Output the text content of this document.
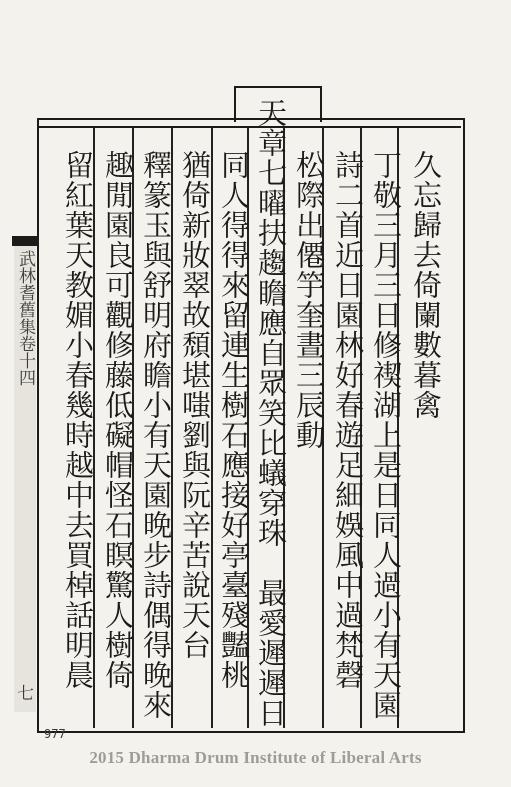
久忘歸去倚闌數暮禽
丁敬三月三日修禊湖上是日同人過小有天園
詩二首近日園林好春遊足細娛風中過梵磬
松際出僊竽奎晝三辰動
天章七曜扶趨瞻應自眾笑比蟻穿珠　最愛遲遲日
同人得得來留連生樹石應接好亭臺殘豔桃
猶倚新妝翠故頹堪嗤劉與阮辛苦說天台
釋篆玉與舒明府瞻小有天園晚步詩偶得晚來
趣閒園良可觀修藤低礙帽怪石瞑驚人樹倚
留紅葉天教媚小春幾時越中去買棹話明晨
武林耆舊集卷十四
七
977
2015 Dharma Drum Institute of Liberal Arts
